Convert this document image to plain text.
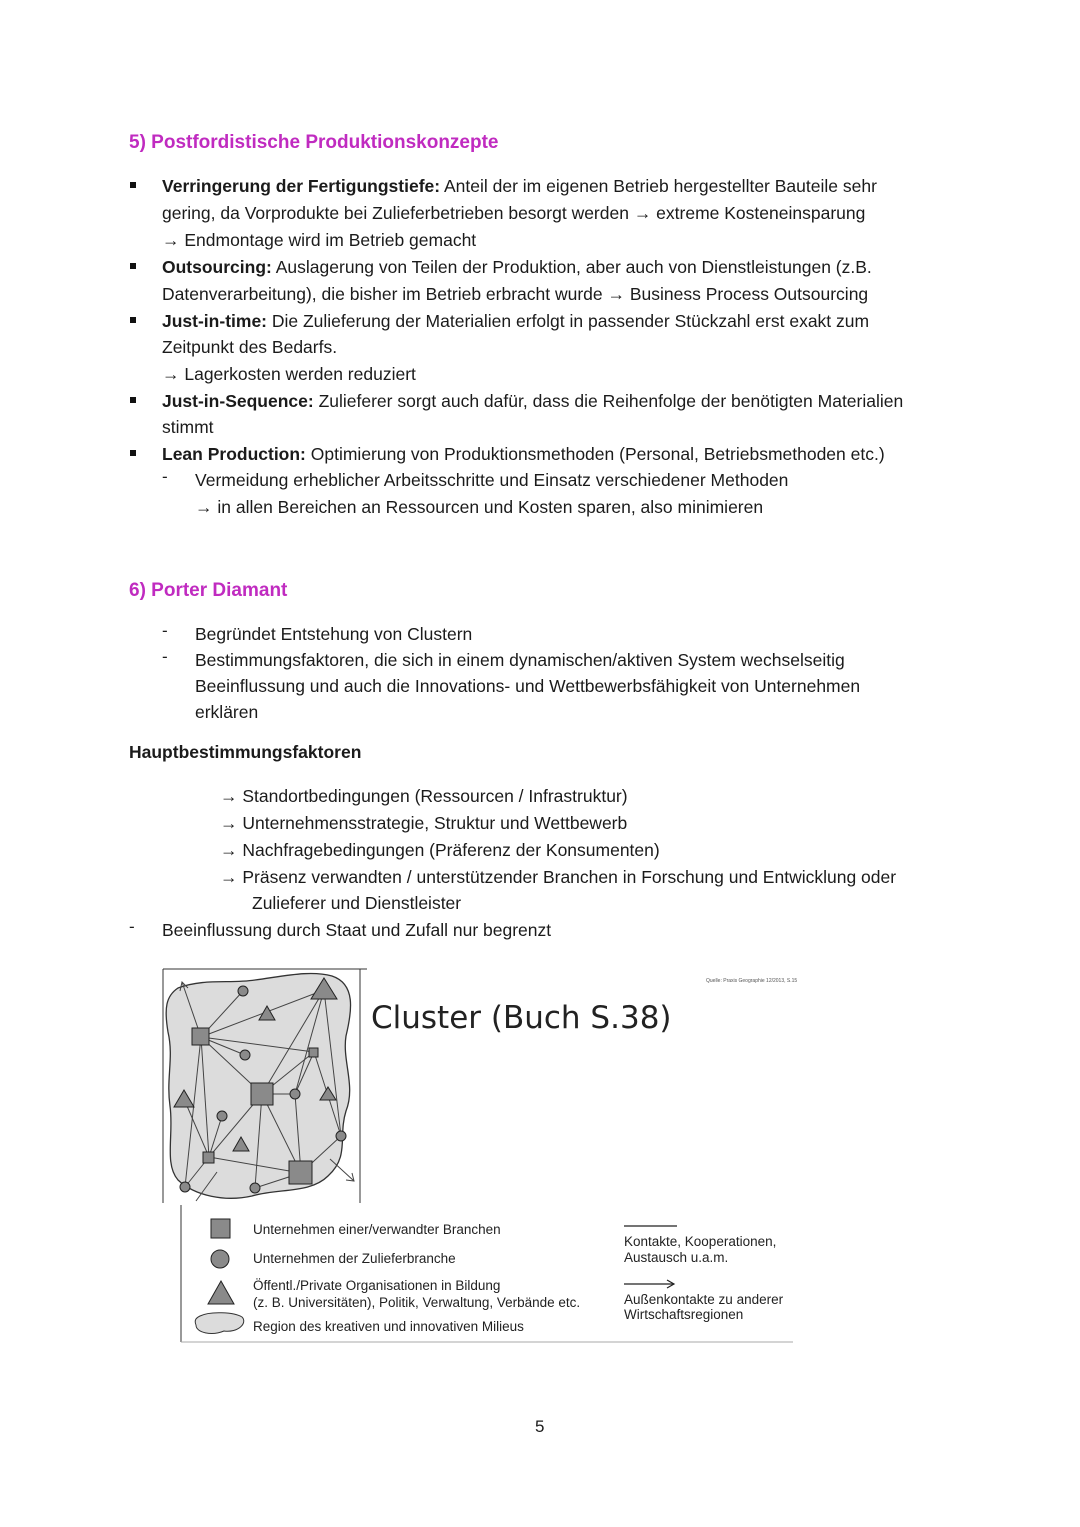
5) Postfordistische Produktionskonzepte
Verringerung der Fertigungstiefe: Anteil der im eigenen Betrieb hergestellter Bauteile sehr
gering, da Vorprodukte bei Zulieferbetrieben besorgt werden → extreme Kosteneinsparung
→ Endmontage wird im Betrieb gemacht
Outsourcing: Auslagerung von Teilen der Produktion, aber auch von Dienstleistungen (z.B.
Datenverarbeitung), die bisher im Betrieb erbracht wurde → Business Process Outsourcing
Just-in-time: Die Zulieferung der Materialien erfolgt in passender Stückzahl erst exakt zum
Zeitpunkt des Bedarfs.
→ Lagerkosten werden reduziert
Just-in-Sequence: Zulieferer sorgt auch dafür, dass die Reihenfolge der benötigten Materialien
stimmt
Lean Production: Optimierung von Produktionsmethoden (Personal, Betriebsmethoden etc.)
- Vermeidung erheblicher Arbeitsschritte und Einsatz verschiedener Methoden
→ in allen Bereichen an Ressourcen und Kosten sparen, also minimieren
6) Porter Diamant
- Begründet Entstehung von Clustern
- Bestimmungsfaktoren, die sich in einem dynamischen/aktiven System wechselseitig
Beeinflussung und auch die Innovations- und Wettbewerbsfähigkeit von Unternehmen
erklären
Hauptbestimmungsfaktoren
→ Standortbedingungen (Ressourcen / Infrastruktur)
→ Unternehmensstrategie, Struktur und Wettbewerb
→ Nachfragebedingungen (Präferenz der Konsumenten)
→ Präsenz verwandten / unterstützender Branchen in Forschung und Entwicklung oder
Zulieferer und Dienstleister
- Beeinflussung durch Staat und Zufall nur begrenzt
Cluster (Buch S.38)
Quelle: Praxis Geographie 12/2013, S.15
Unternehmen einer/verwandter Branchen
Unternehmen der Zulieferbranche
Öffentl./Private Organisationen in Bildung
(z. B. Universitäten), Politik, Verwaltung, Verbände etc.
Region des kreativen und innovativen Milieus
Kontakte, Kooperationen,
Austausch u.a.m.
Außenkontakte zu anderer
Wirtschaftsregionen
5
